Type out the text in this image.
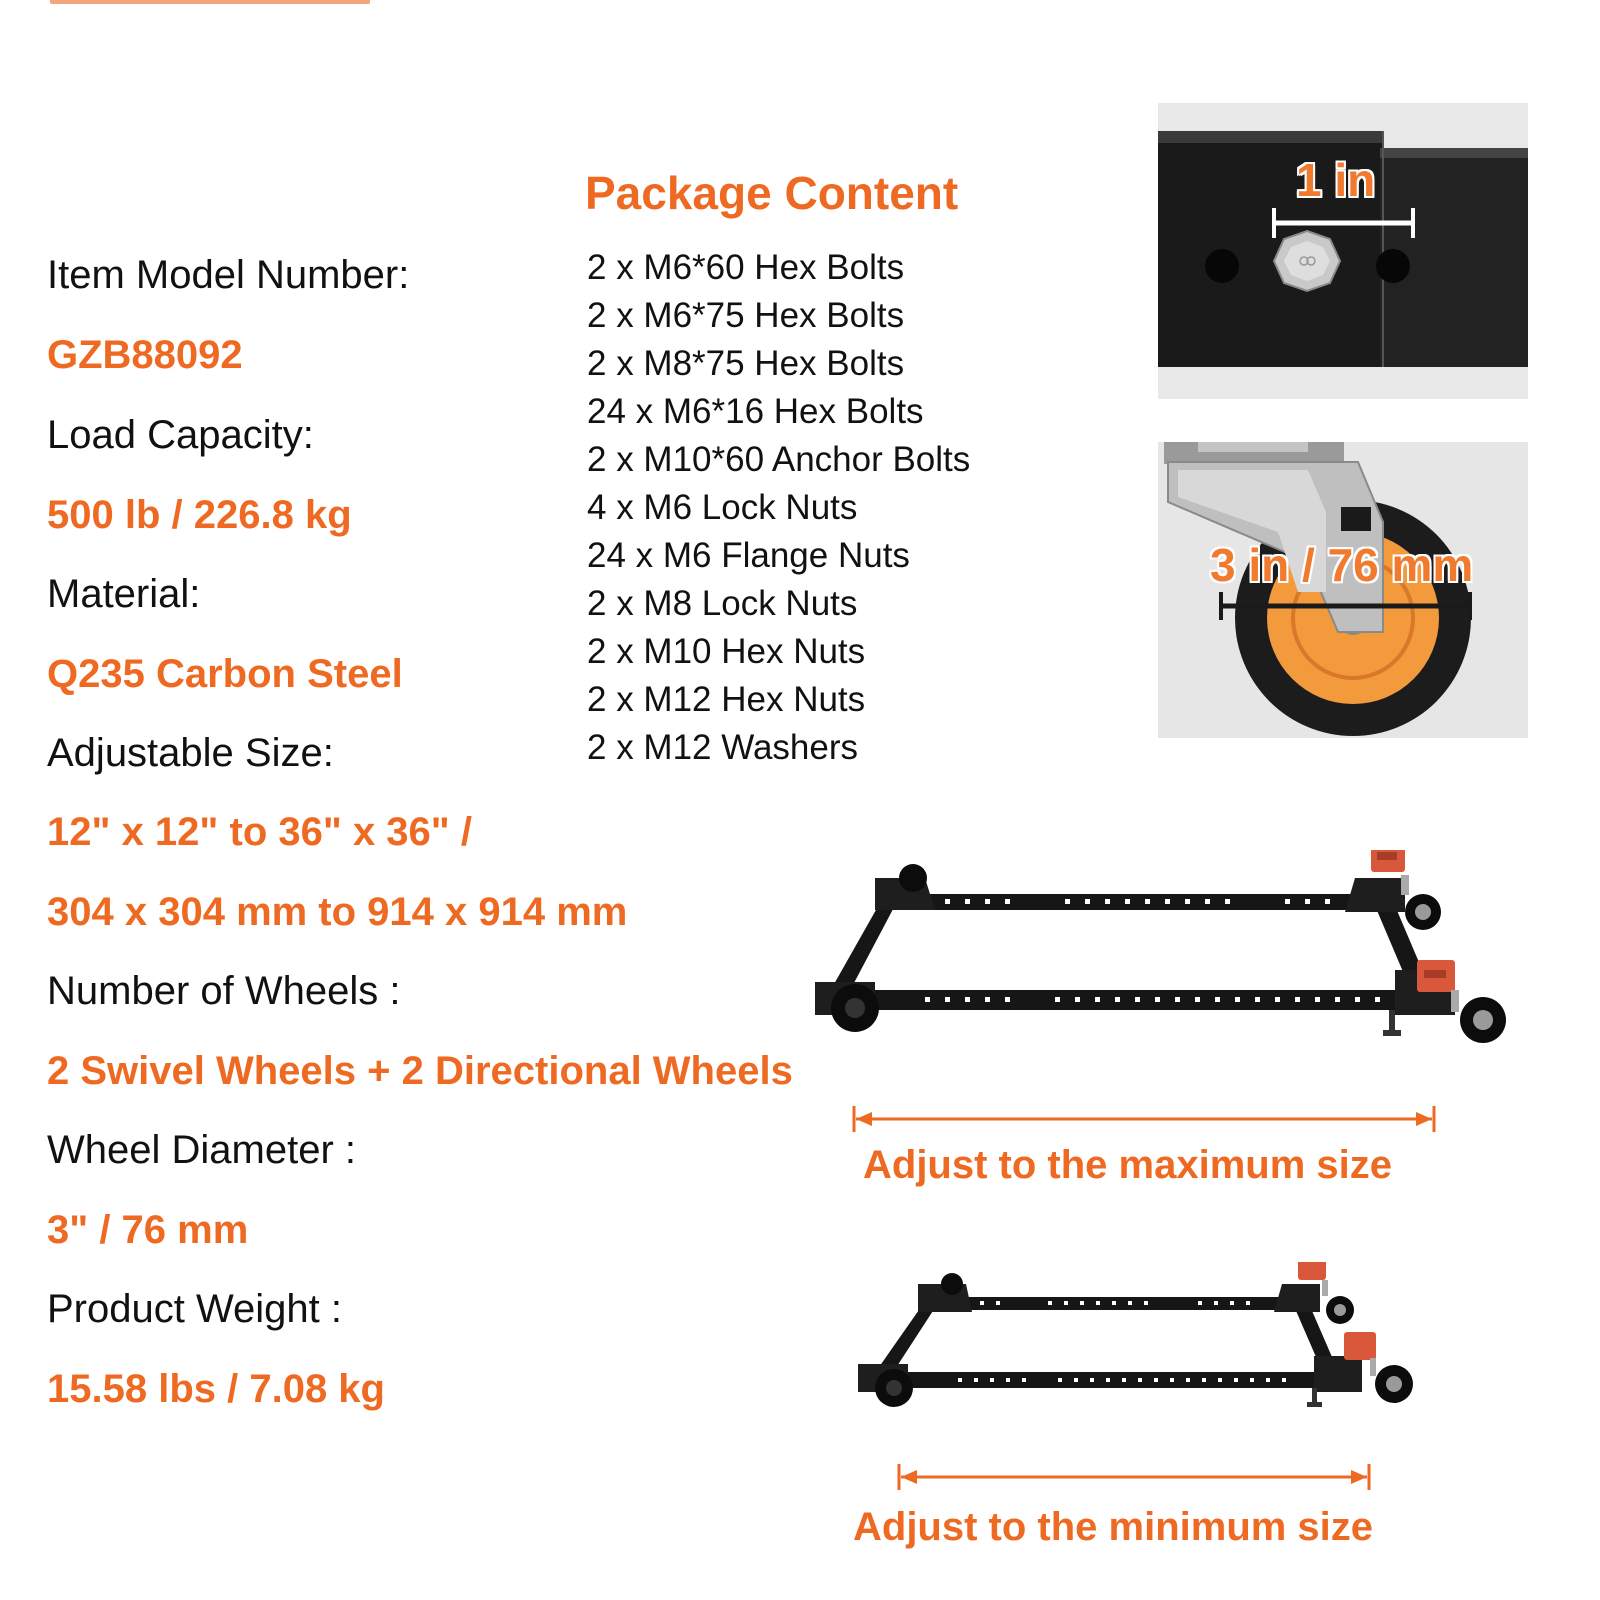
Item Model Number:
GZB88092
Load Capacity:
500 lb / 226.8 kg
Material:
Q235 Carbon Steel
Adjustable Size:
12" x 12" to 36" x 36" /
304 x 304 mm to 914 x 914 mm
Number of Wheels :
2 Swivel Wheels + 2 Directional Wheels
Wheel Diameter :
3" / 76 mm
Product Weight :
15.58 lbs / 7.08 kg
Package Content
2 x M6*60 Hex Bolts
2 x M6*75 Hex Bolts
2 x M8*75 Hex Bolts
24 x M6*16 Hex Bolts
2 x M10*60 Anchor Bolts
4 x M6 Lock Nuts
24 x M6 Flange Nuts
2 x M8 Lock Nuts
2 x M10 Hex Nuts
2 x M12 Hex Nuts
2 x M12 Washers
1 in
3 in / 76 mm
Adjust to the maximum size
Adjust to the minimum size
